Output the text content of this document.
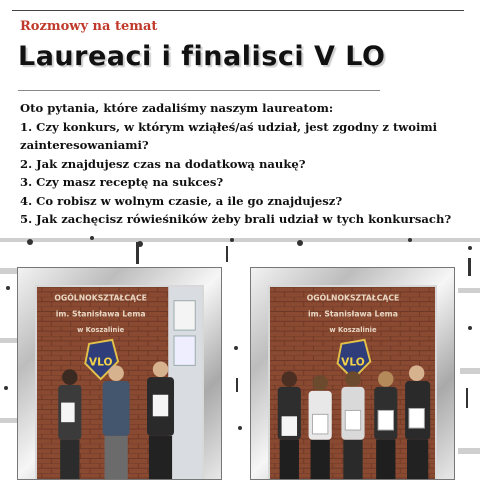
Rozmowy na temat
Laureaci i finalisci V LO
Oto pytania, które zadaliśmy naszym laureatom:
1. Czy konkurs, w którym wziąłeś/aś udział, jest zgodny z twoimi zainteresowaniami?
2. Jak znajdujesz czas na dodatkową naukę?
3. Czy masz receptę na sukces?
4. Co robisz w wolnym czasie, a ile go znajdujesz?
5. Jak zachęcisz rówieśników żeby brali udział w tych konkursach?
OGÓLNOKSZTAŁCĄCE
im. Stanisława Lema
w Koszalinie
VLO
OGÓLNOKSZTAŁCĄCE
im. Stanisława Lema
w Koszalinie
VLO
